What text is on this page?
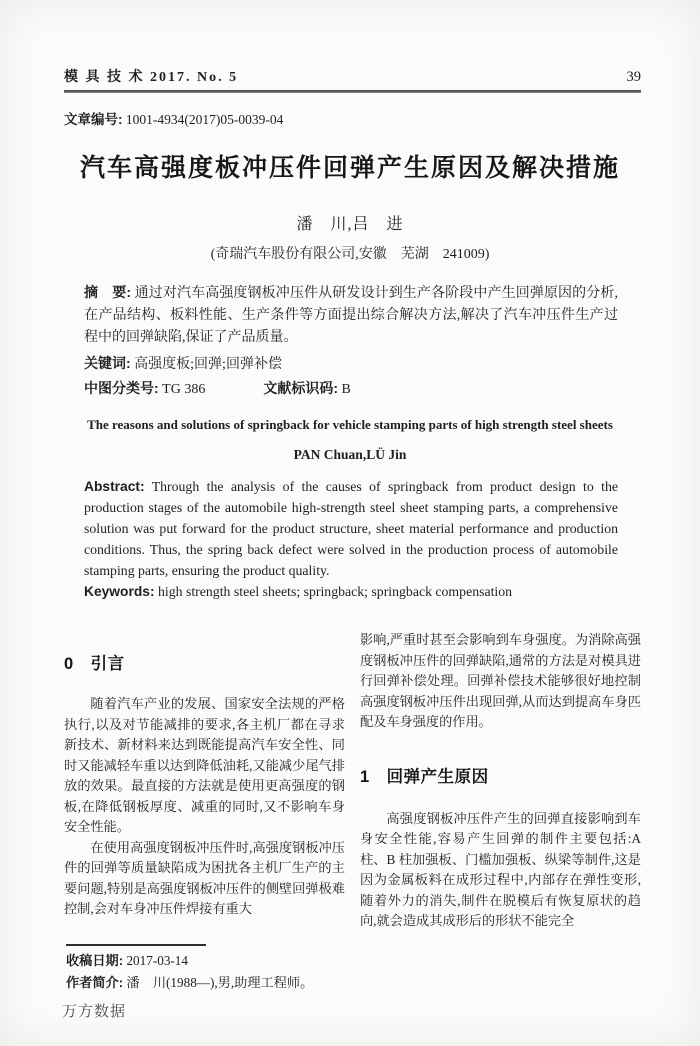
模 具 技 术 2017. No. 5	39
文章编号: 1001-4934(2017)05-0039-04
汽车高强度板冲压件回弹产生原因及解决措施
潘　川,吕　进
(奇瑞汽车股份有限公司,安徽　芜湖　241009)

摘　要: 通过对汽车高强度钢板冲压件从研发设计到生产各阶段中产生回弹原因的分析,在产品结构、板料性能、生产条件等方面提出综合解决方法,解决了汽车冲压件生产过程中的回弹缺陷,保证了产品质量。

关键词: 高强度板;回弹;回弹补偿

中图分类号: TG 386	文献标识码: B
The reasons and solutions of springback for vehicle stamping parts of high strength steel sheets
PAN Chuan,LÜ Jin

Abstract: Through the analysis of the causes of springback from product design to the production stages of the automobile high-strength steel sheet stamping parts, a comprehensive solution was put forward for the product structure, sheet material performance and production conditions. Thus, the spring back defect were solved in the production process of automobile stamping parts, ensuring the product quality.

Keywords: high strength steel sheets; springback; springback compensation

0　引言

随着汽车产业的发展、国家安全法规的严格执行,以及对节能减排的要求,各主机厂都在寻求新技术、新材料来达到既能提高汽车安全性、同时又能减轻车重以达到降低油耗,又能减少尾气排放的效果。最直接的方法就是使用更高强度的钢板,在降低钢板厚度、减重的同时,又不影响车身安全性能。

在使用高强度钢板冲压件时,高强度钢板冲压件的回弹等质量缺陷成为困扰各主机厂生产的主要问题,特别是高强度钢板冲压件的侧壁回弹极难控制,会对车身冲压件焊接有重大

影响,严重时甚至会影响到车身强度。为消除高强度钢板冲压件的回弹缺陷,通常的方法是对模具进行回弹补偿处理。回弹补偿技术能够很好地控制高强度钢板冲压件出现回弹,从而达到提高车身匹配及车身强度的作用。

1　回弹产生原因

高强度钢板冲压件产生的回弹直接影响到车身安全性能,容易产生回弹的制件主要包括:A 柱、B 柱加强板、门槛加强板、纵梁等制件,这是因为金属板料在成形过程中,内部存在弹性变形,随着外力的消失,制件在脱模后有恢复原状的趋向,就会造成其成形后的形状不能完全

收稿日期: 2017-03-14

作者简介: 潘　川(1988—),男,助理工程师。

万方数据
